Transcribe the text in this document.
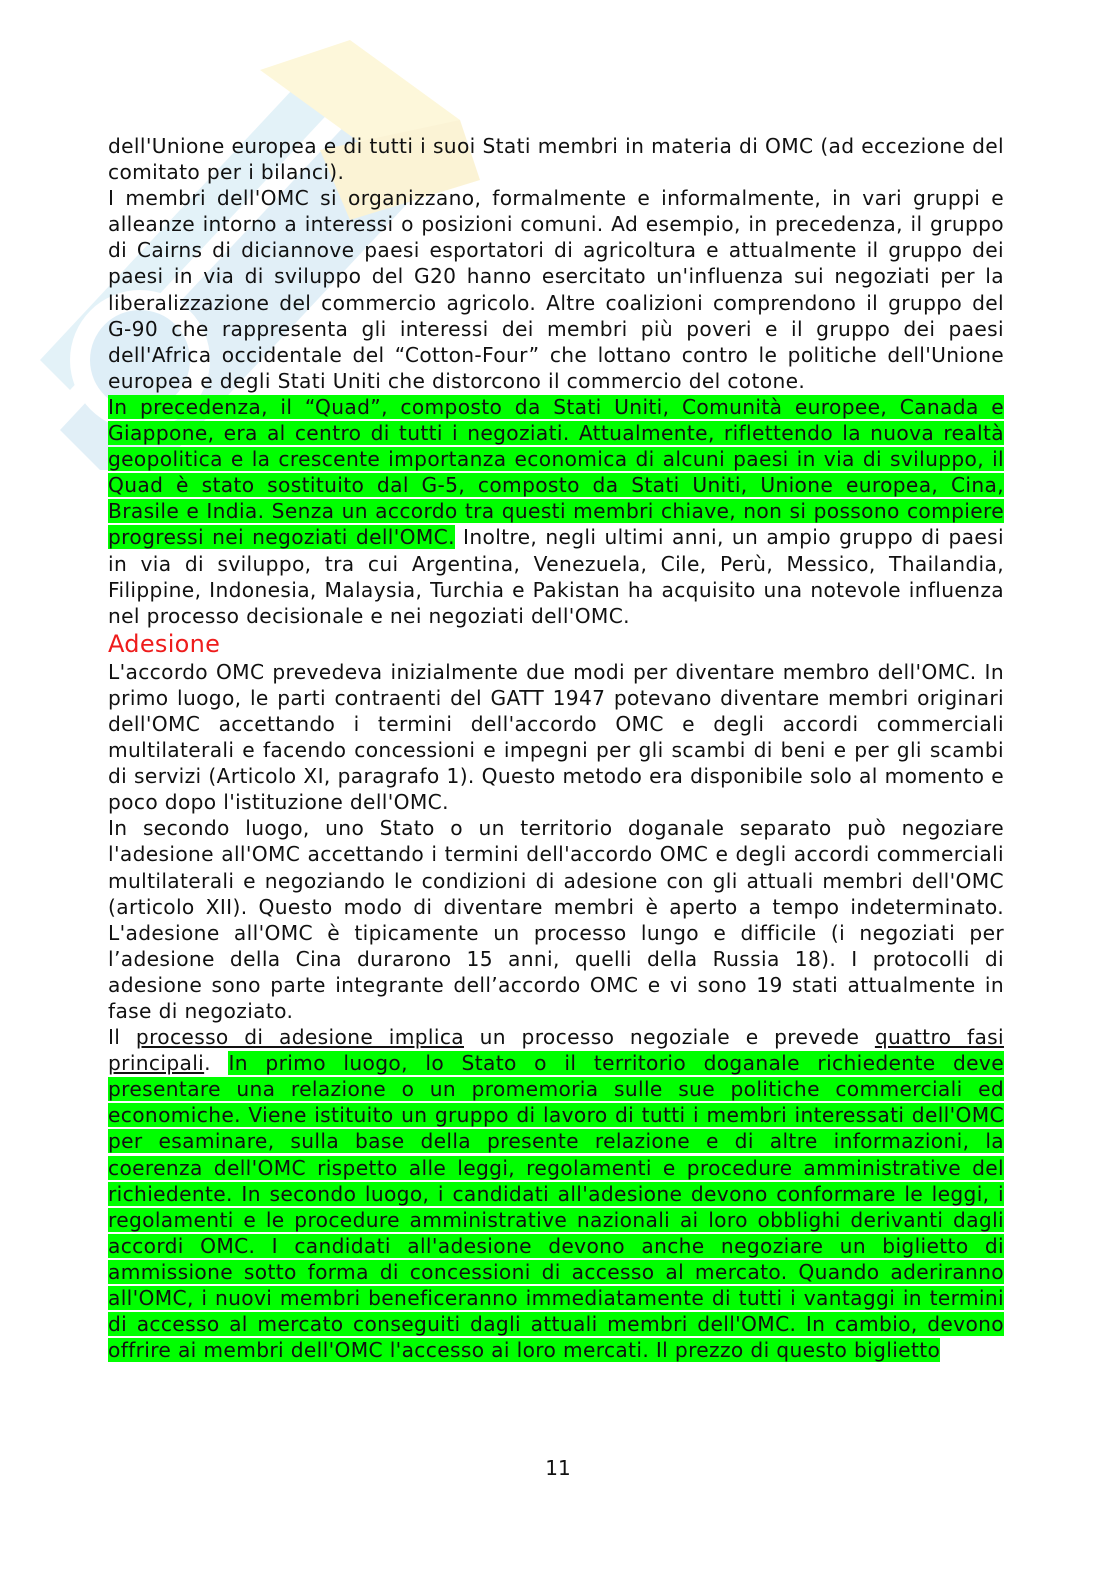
dell'Unione europea e di tutti i suoi Stati membri in materia di OMC (ad eccezione del comitato per i bilanci).

I membri dell'OMC si organizzano, formalmente e informalmente, in vari gruppi e alleanze intorno a interessi o posizioni comuni. Ad esempio, in precedenza, il gruppo di Cairns di diciannove paesi esportatori di agricoltura e attualmente il gruppo dei paesi in via di sviluppo del G20 hanno esercitato un'influenza sui negoziati per la liberalizzazione del commercio agricolo. Altre coalizioni comprendono il gruppo del G-90 che rappresenta gli interessi dei membri più poveri e il gruppo dei paesi dell'Africa occidentale del “Cotton-Four” che lottano contro le politiche dell'Unione europea e degli Stati Uniti che distorcono il commercio del cotone.

In precedenza, il “Quad”, composto da Stati Uniti, Comunità europee, Canada e Giappone, era al centro di tutti i negoziati. Attualmente, riflettendo la nuova realtà geopolitica e la crescente importanza economica di alcuni paesi in via di sviluppo, il Quad è stato sostituito dal G-5, composto da Stati Uniti, Unione europea, Cina, Brasile e India. Senza un accordo tra questi membri chiave, non si possono compiere progressi nei negoziati dell'OMC. Inoltre, negli ultimi anni, un ampio gruppo di paesi in via di sviluppo, tra cui Argentina, Venezuela, Cile, Perù, Messico, Thailandia, Filippine, Indonesia, Malaysia, Turchia e Pakistan ha acquisito una notevole influenza nel processo decisionale e nei negoziati dell'OMC.

Adesione

L'accordo OMC prevedeva inizialmente due modi per diventare membro dell'OMC. In primo luogo, le parti contraenti del GATT 1947 potevano diventare membri originari dell'OMC accettando i termini dell'accordo OMC e degli accordi commerciali multilaterali e facendo concessioni e impegni per gli scambi di beni e per gli scambi di servizi (Articolo XI, paragrafo 1). Questo metodo era disponibile solo al momento e poco dopo l'istituzione dell'OMC.

In secondo luogo, uno Stato o un territorio doganale separato può negoziare l'adesione all'OMC accettando i termini dell'accordo OMC e degli accordi commerciali multilaterali e negoziando le condizioni di adesione con gli attuali membri dell'OMC (articolo XII). Questo modo di diventare membri è aperto a tempo indeterminato. L'adesione all'OMC è tipicamente un processo lungo e difficile (i negoziati per l’adesione della Cina durarono 15 anni, quelli della Russia 18). I protocolli di adesione sono parte integrante dell’accordo OMC e vi sono 19 stati attualmente in fase di negoziato.

Il processo di adesione implica un processo negoziale e prevede quattro fasi principali. In primo luogo, lo Stato o il territorio doganale richiedente deve presentare una relazione o un promemoria sulle sue politiche commerciali ed economiche. Viene istituito un gruppo di lavoro di tutti i membri interessati dell'OMC per esaminare, sulla base della presente relazione e di altre informazioni, la coerenza dell'OMC rispetto alle leggi, regolamenti e procedure amministrative del richiedente. In secondo luogo, i candidati all'adesione devono conformare le leggi, i regolamenti e le procedure amministrative nazionali ai loro obblighi derivanti dagli accordi OMC. I candidati all'adesione devono anche negoziare un biglietto di ammissione sotto forma di concessioni di accesso al mercato. Quando aderiranno all'OMC, i nuovi membri beneficeranno immediatamente di tutti i vantaggi in termini di accesso al mercato conseguiti dagli attuali membri dell'OMC. In cambio, devono offrire ai membri dell'OMC l'accesso ai loro mercati. Il prezzo di questo biglietto

11
